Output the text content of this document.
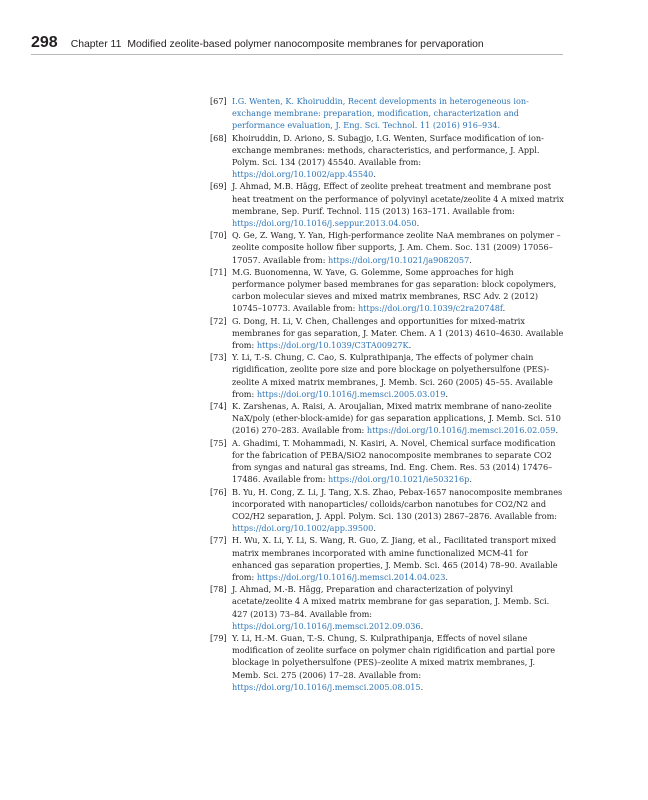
298 Chapter 11 Modified zeolite-based polymer nanocomposite membranes for pervaporation
[67] I.G. Wenten, K. Khoiruddin, Recent developments in heterogeneous ion-exchange membrane: preparation, modification, characterization and performance evaluation, J. Eng. Sci. Technol. 11 (2016) 916–934.
[68] Khoiruddin, D. Ariono, S. Subagjo, I.G. Wenten, Surface modification of ion-exchange membranes: methods, characteristics, and performance, J. Appl. Polym. Sci. 134 (2017) 45540. Available from: https://doi.org/10.1002/app.45540.
[69] J. Ahmad, M.B. Hägg, Effect of zeolite preheat treatment and membrane post heat treatment on the performance of polyvinyl acetate/zeolite 4 A mixed matrix membrane, Sep. Purif. Technol. 115 (2013) 163–171. Available from: https://doi.org/10.1016/j.seppur.2013.04.050.
[70] Q. Ge, Z. Wang, Y. Yan, High-performance zeolite NaA membranes on polymer – zeolite composite hollow fiber supports, J. Am. Chem. Soc. 131 (2009) 17056–17057. Available from: https://doi.org/10.1021/ja9082057.
[71] M.G. Buonomenna, W. Yave, G. Golemme, Some approaches for high performance polymer based membranes for gas separation: block copolymers, carbon molecular sieves and mixed matrix membranes, RSC Adv. 2 (2012) 10745–10773. Available from: https://doi.org/10.1039/c2ra20748f.
[72] G. Dong, H. Li, V. Chen, Challenges and opportunities for mixed-matrix membranes for gas separation, J. Mater. Chem. A 1 (2013) 4610–4630. Available from: https://doi.org/10.1039/C3TA00927K.
[73] Y. Li, T.-S. Chung, C. Cao, S. Kulprathipanja, The effects of polymer chain rigidification, zeolite pore size and pore blockage on polyethersulfone (PES)-zeolite A mixed matrix membranes, J. Memb. Sci. 260 (2005) 45–55. Available from: https://doi.org/10.1016/j.memsci.2005.03.019.
[74] K. Zarshenas, A. Raisi, A. Aroujalian, Mixed matrix membrane of nano-zeolite NaX/poly (ether-block-amide) for gas separation applications, J. Memb. Sci. 510 (2016) 270–283. Available from: https://doi.org/10.1016/j.memsci.2016.02.059.
[75] A. Ghadimi, T. Mohammadi, N. Kasiri, A. Novel, Chemical surface modification for the fabrication of PEBA/SiO2 nanocomposite membranes to separate CO2 from syngas and natural gas streams, Ind. Eng. Chem. Res. 53 (2014) 17476–17486. Available from: https://doi.org/10.1021/ie503216p.
[76] B. Yu, H. Cong, Z. Li, J. Tang, X.S. Zhao, Pebax-1657 nanocomposite membranes incorporated with nanoparticles/ colloids/carbon nanotubes for CO2/N2 and CO2/H2 separation, J. Appl. Polym. Sci. 130 (2013) 2867–2876. Available from: https://doi.org/10.1002/app.39500.
[77] H. Wu, X. Li, Y. Li, S. Wang, R. Guo, Z. Jiang, et al., Facilitated transport mixed matrix membranes incorporated with amine functionalized MCM-41 for enhanced gas separation properties, J. Memb. Sci. 465 (2014) 78–90. Available from: https://doi.org/10.1016/j.memsci.2014.04.023.
[78] J. Ahmad, M.-B. Hägg, Preparation and characterization of polyvinyl acetate/zeolite 4 A mixed matrix membrane for gas separation, J. Memb. Sci. 427 (2013) 73–84. Available from: https://doi.org/10.1016/j.memsci.2012.09.036.
[79] Y. Li, H.-M. Guan, T.-S. Chung, S. Kulprathipanja, Effects of novel silane modification of zeolite surface on polymer chain rigidification and partial pore blockage in polyethersulfone (PES)–zeolite A mixed matrix membranes, J. Memb. Sci. 275 (2006) 17–28. Available from: https://doi.org/10.1016/j.memsci.2005.08.015.
